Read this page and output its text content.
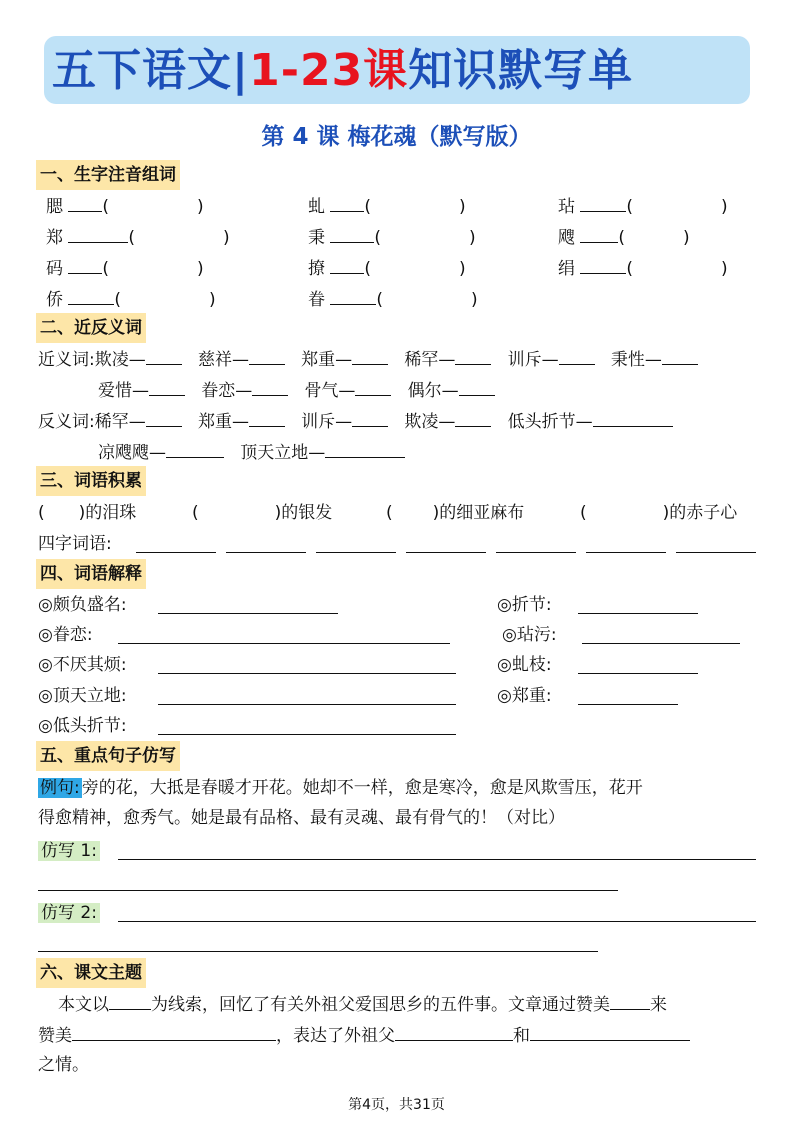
五下语文|1-23课知识默写单
第 4 课 梅花魂（默写版）
一、生字注音组词
腮 (	)	虬 (	)	玷	(	)
郑	(	)	秉	(	)	飕	(	)
码 (	)	撩 (	)	绢	(	)
侨	(	)	眷	(	)
二、近反义词
近义词:欺凌—	慈祥—	郑重—	稀罕—	训斥—	秉性—
爱惜—	眷恋—	骨气—	偶尔—
反义词:稀罕—	郑重—	训斥—	欺凌—	低头折节—
凉飕飕—	顶天立地—
三、词语积累
( )的泪珠	(	)的银发	( )的细亚麻布	(	)的赤子心
四字词语:
四、词语解释
◎颇负盛名:
◎眷恋:
◎不厌其烦:
◎顶天立地:
◎低头折节:
◎折节:
◎玷污:
◎虬枝:
◎郑重:
五、重点句子仿写
例句: 旁的花，大抵是春暖才开花。她却不一样，愈是寒冷，愈是风欺雪压，花开
得愈精神，愈秀气。她是最有品格、最有灵魂、最有骨气的！（对比）
仿写 1:
仿写 2:
六、课文主题
本文以 为线索，回忆了有关外祖父爱国思乡的五件事。文章通过赞美 来
赞美	，表达了外祖父	和
之情。
第4页，共31页
